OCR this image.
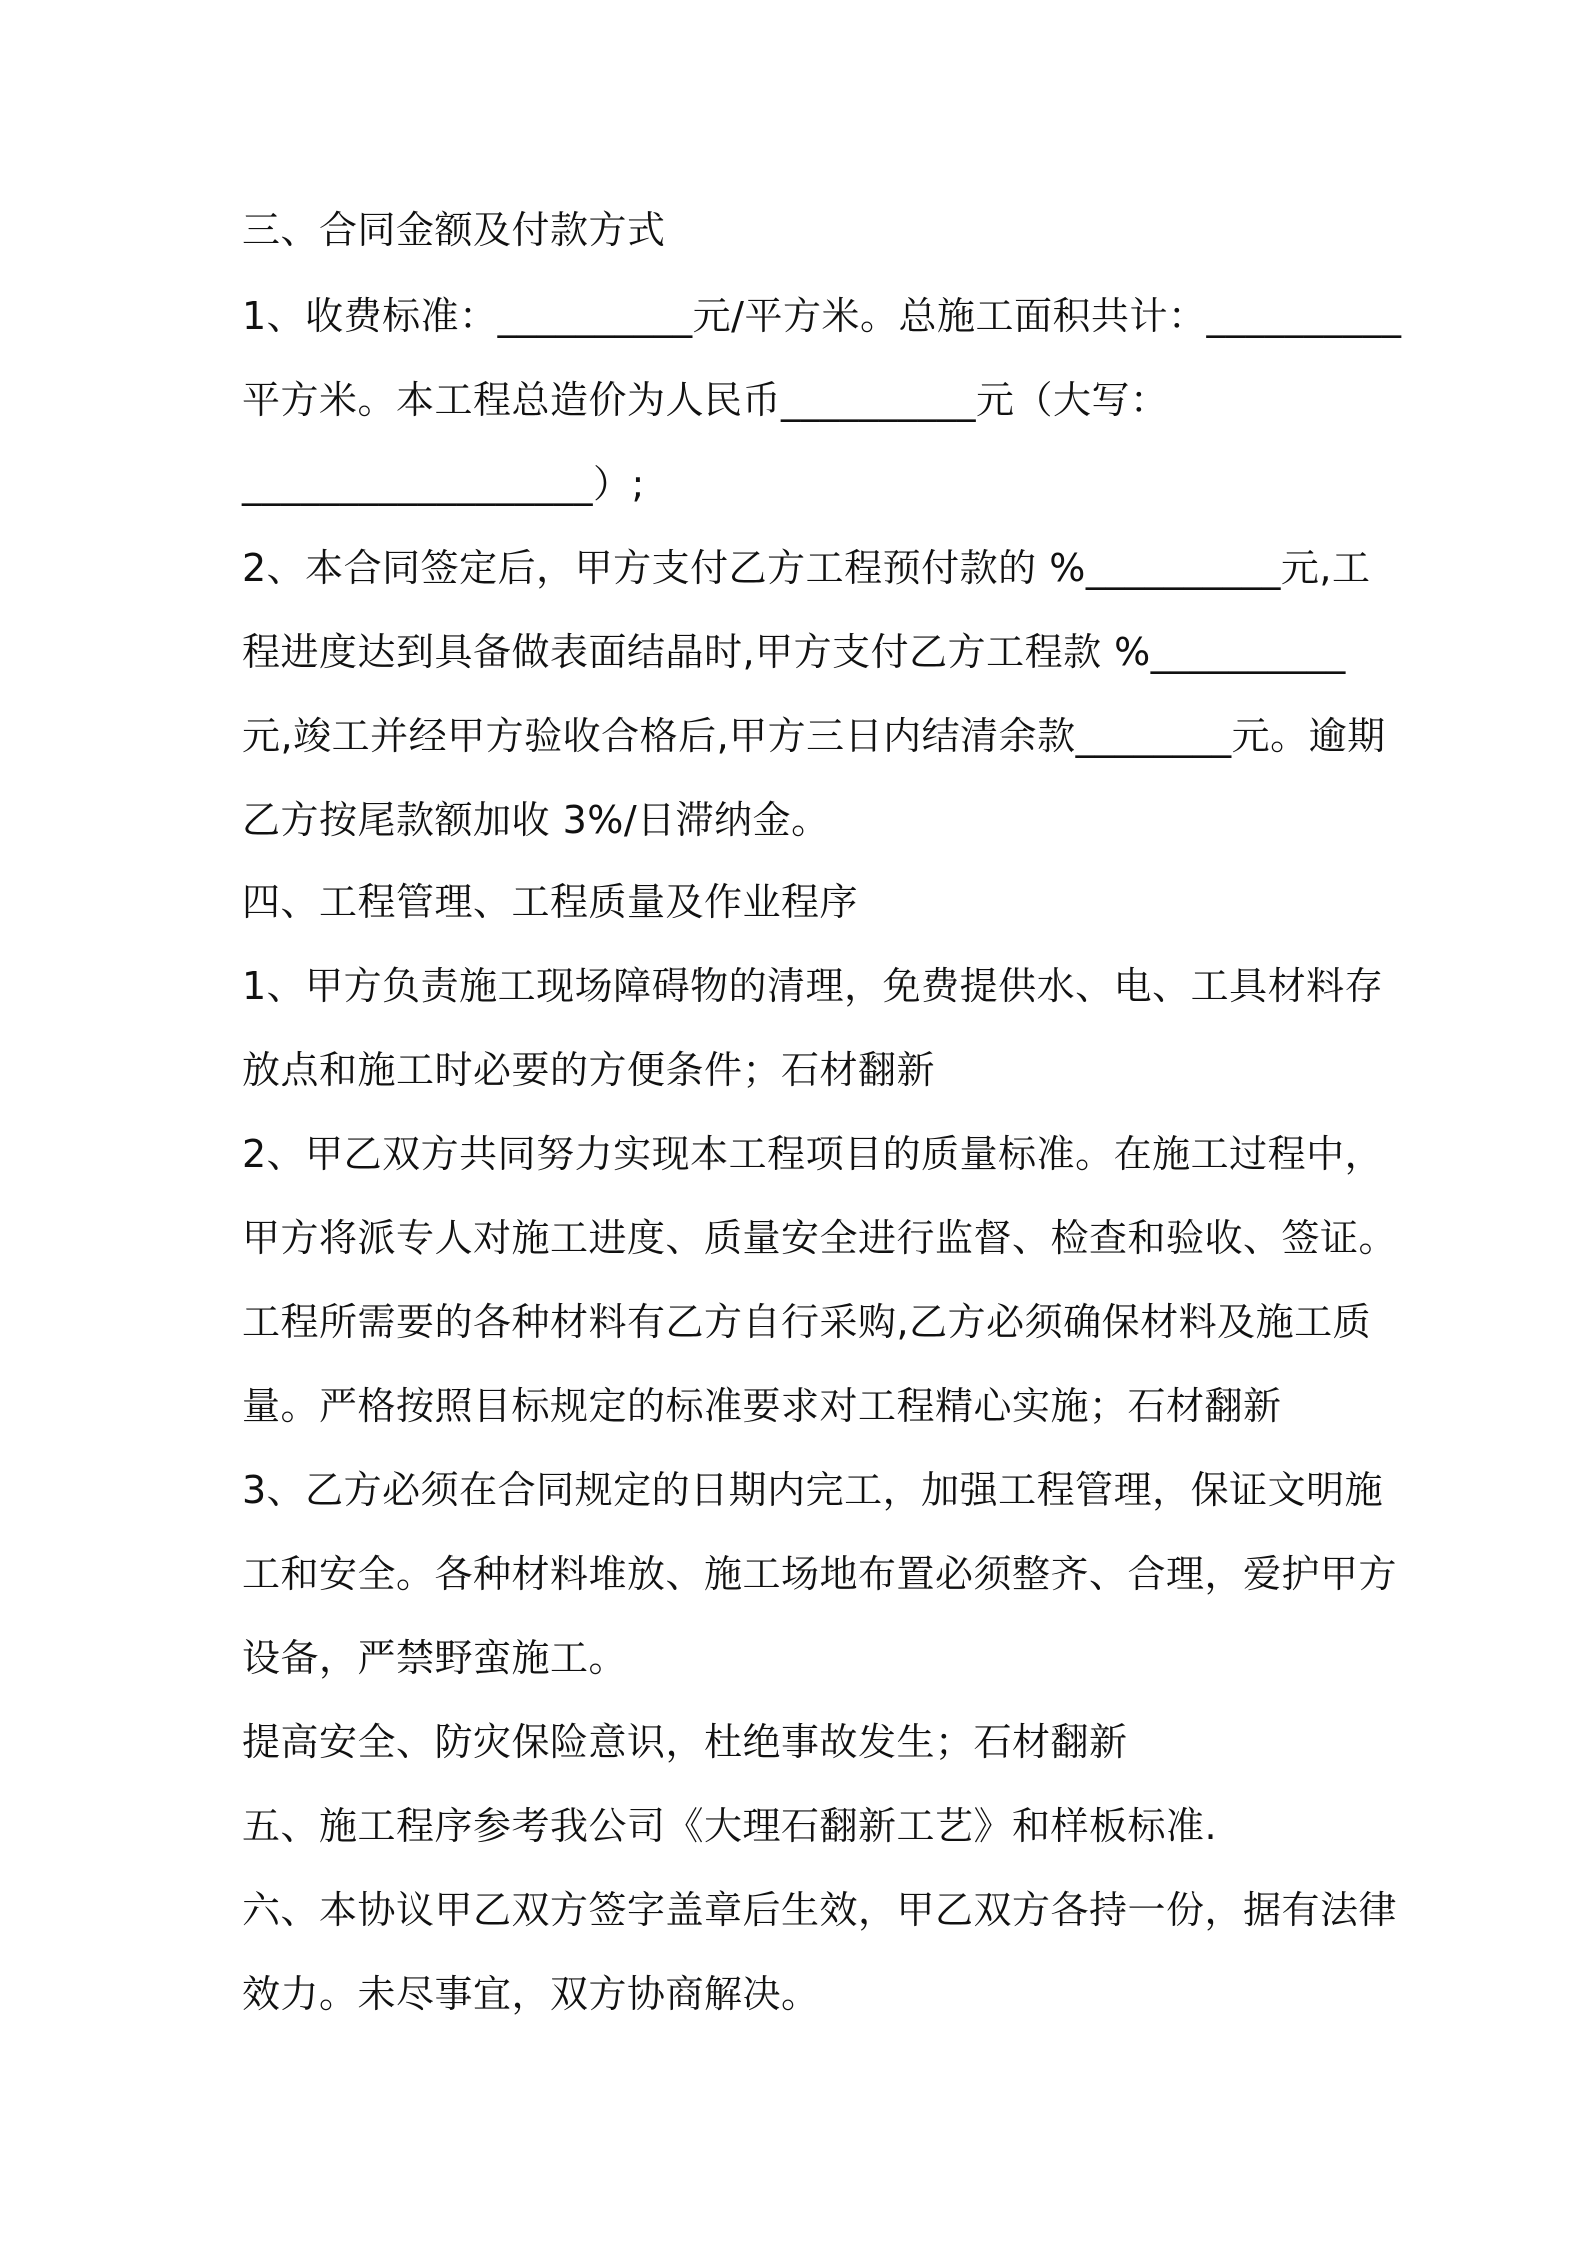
三、合同金额及付款方式
1、收费标准：__________元/平方米。总施工面积共计：__________
平方米。本工程总造价为人民币__________元（大写：
__________________）;
2、本合同签定后，甲方支付乙方工程预付款的 %__________元,工
程进度达到具备做表面结晶时,甲方支付乙方工程款 %__________
元,竣工并经甲方验收合格后,甲方三日内结清余款________元。逾期
乙方按尾款额加收 3%/日滞纳金。
四、工程管理、工程质量及作业程序
1、甲方负责施工现场障碍物的清理，免费提供水、电、工具材料存
放点和施工时必要的方便条件；石材翻新
2、甲乙双方共同努力实现本工程项目的质量标准。在施工过程中，
甲方将派专人对施工进度、质量安全进行监督、检查和验收、签证。
工程所需要的各种材料有乙方自行采购,乙方必须确保材料及施工质
量。严格按照目标规定的标准要求对工程精心实施；石材翻新
3、乙方必须在合同规定的日期内完工，加强工程管理，保证文明施
工和安全。各种材料堆放、施工场地布置必须整齐、合理，爱护甲方
设备，严禁野蛮施工。
提高安全、防灾保险意识，杜绝事故发生；石材翻新
五、施工程序参考我公司《大理石翻新工艺》和样板标准.
六、本协议甲乙双方签字盖章后生效，甲乙双方各持一份，据有法律
效力。未尽事宜，双方协商解决。
